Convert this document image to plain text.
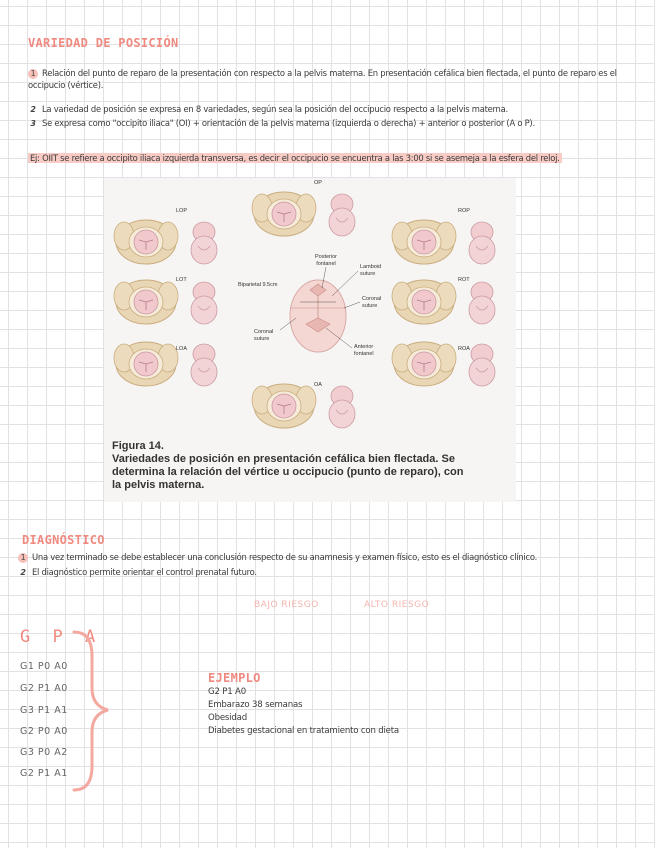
VARIEDAD DE POSICIÓN
1 Relación del punto de reparo de la presentación con respecto a la pelvis materna. En presentación cefálica bien flectada, el punto de reparo es el occipucio (vértice).
2 La variedad de posición se expresa en 8 variedades, según sea la posición del occipucio respecto a la pelvis materna.
3 Se expresa como "occipito iliaca" (OI) + orientación de la pelvis materna (izquierda o derecha) + anterior o posterior (A o P).
Ej: OIIT se refiere a occipito iliaca izquierda transversa, es decir el occipucio se encuentra a las 3:00 si se asemeja a la esfera del reloj.
OP
LOP	ROP
LOT	ROT
LOA	ROA
OA
Posterior
fontanel	Lamboid
suture
Biparietal 9.5cm
Coronal
suture
Coronal
suture
Anterior
fontanel
Figura 14.
Variedades de posición en presentación cefálica bien flectada. Se
determina la relación del vértice u occipucio (punto de reparo), con
la pelvis materna.
DIAGNÓSTICO
1 Una vez terminado se debe establecer una conclusión respecto de su anamnesis y examen físico, esto es el diagnóstico clínico.
2 El diagnóstico permite orientar el control prenatal futuro.
BAJO RIESGO	ALTO RIESGO
G P A
G1 P0 A0
G2 P1 A0
G3 P1 A1
G2 P0 A0
G3 P0 A2
G2 P1 A1
EJEMPLO
G2 P1 A0
Embarazo 38 semanas
Obesidad
Diabetes gestacional en tratamiento con dieta
